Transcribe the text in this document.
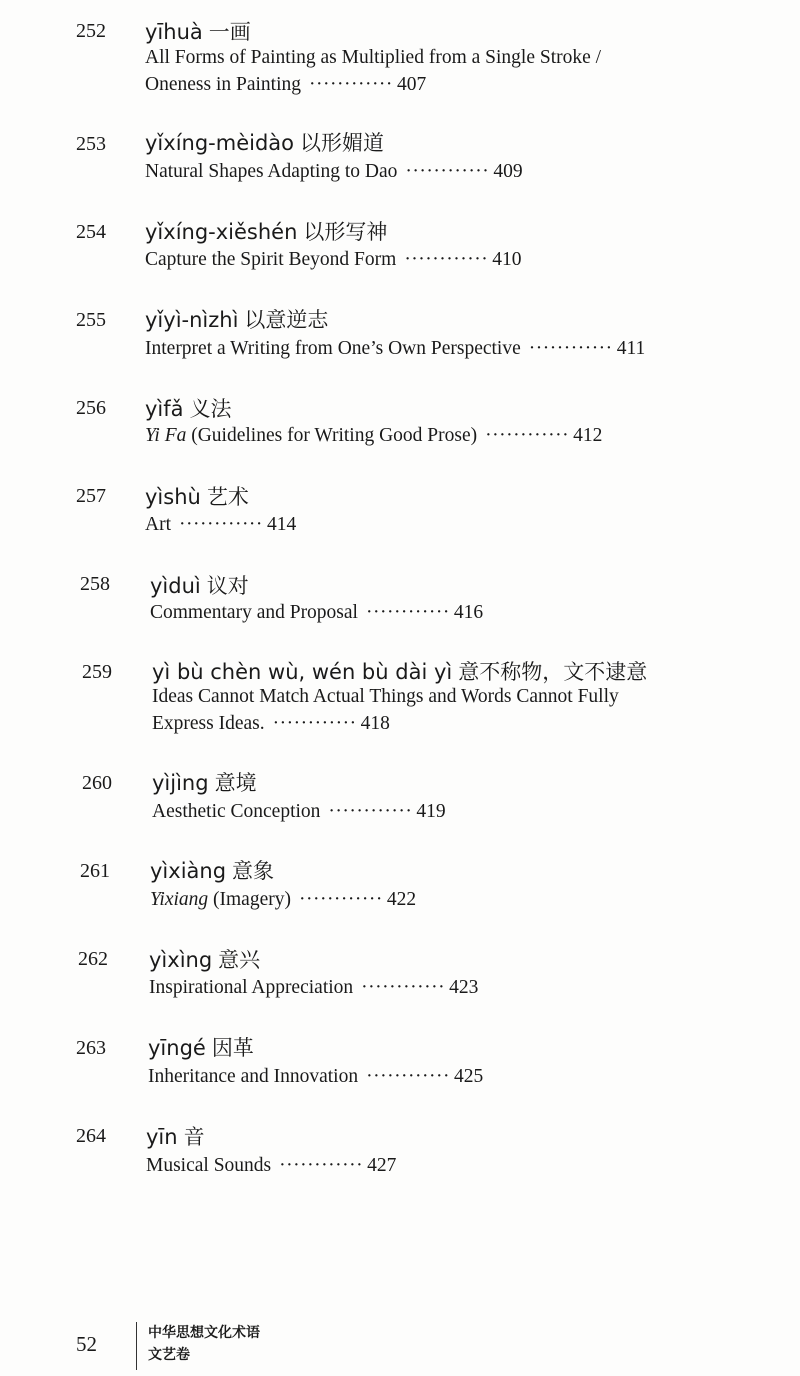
252 yīhuà 一画
All Forms of Painting as Multiplied from a Single Stroke /
Oneness in Painting ············ 407
253 yǐxíng-mèidào 以形媚道
Natural Shapes Adapting to Dao ············ 409
254 yǐxíng-xiěshén 以形写神
Capture the Spirit Beyond Form ············ 410
255 yǐyì-nìzhì 以意逆志
Interpret a Writing from One’s Own Perspective ············ 411
256 yìfǎ 义法
Yi Fa (Guidelines for Writing Good Prose) ············ 412
257 yìshù 艺术
Art ············ 414
258 yìduì 议对
Commentary and Proposal ············ 416
259 yì bù chèn wù, wén bù dài yì 意不称物，文不逮意
Ideas Cannot Match Actual Things and Words Cannot Fully
Express Ideas. ············ 418
260 yìjìng 意境
Aesthetic Conception ············ 419
261 yìxiàng 意象
Yixiang (Imagery) ············ 422
262 yìxìng 意兴
Inspirational Appreciation ············ 423
263 yīngé 因革
Inheritance and Innovation ············ 425
264 yīn 音
Musical Sounds ············ 427
52	中华思想文化术语
文艺卷
